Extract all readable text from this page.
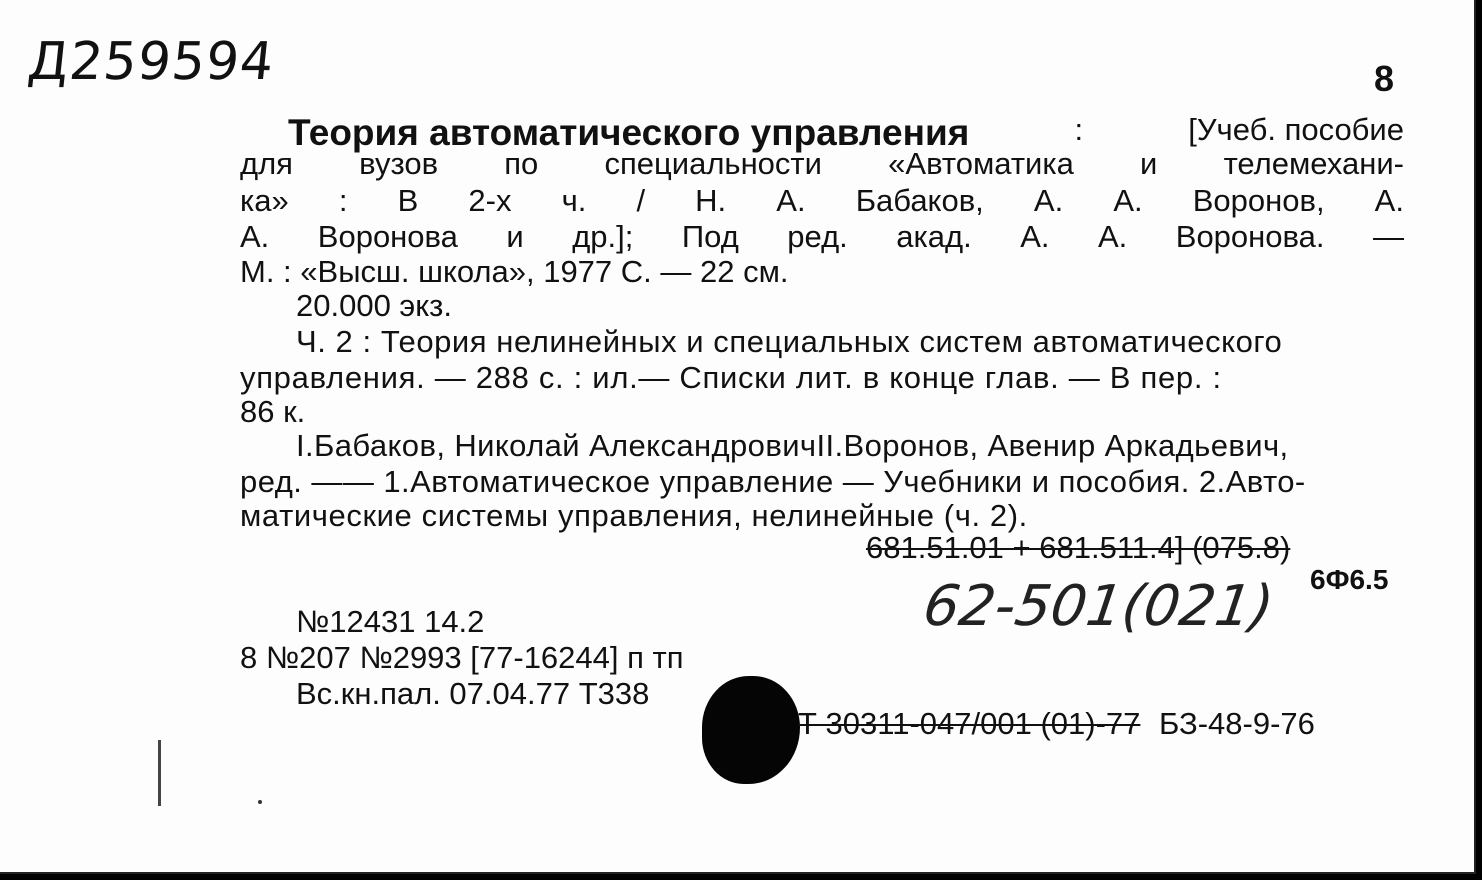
Д259594	8
Теория автоматического управления	:	[Учеб. пособие
для вузов по специальности «Автоматика и телемехани-
ка» : В 2-х ч. / Н. А. Бабаков, А. А. Воронов, А.
А. Воронова и др.]; Под ред. акад. А. А. Воронова. —
М. : «Высш. школа», 1977 С. — 22 см.
20.000 экз.
Ч. 2 : Теория нелинейных и специальных систем автоматического
управления. — 288 с. : ил.— Списки лит. в конце глав. — В пер. :
86 к.
I.Бабаков, Николай АлександровичII.Воронов, Авенир Аркадьевич,
ред. —— 1.Автоматическое управление — Учебники и пособия. 2.Авто-
матические системы управления, нелинейные (ч. 2).
681.51.01 + 681.511.4] (075.8)
6Ф6.5
62-501(021)
№12431 14.2
8 №207 №2993 [77-16244] п тп
Вс.кн.пал. 07.04.77 Т338
Т 30311-047/001 (01)-77 БЗ-48-9-76
